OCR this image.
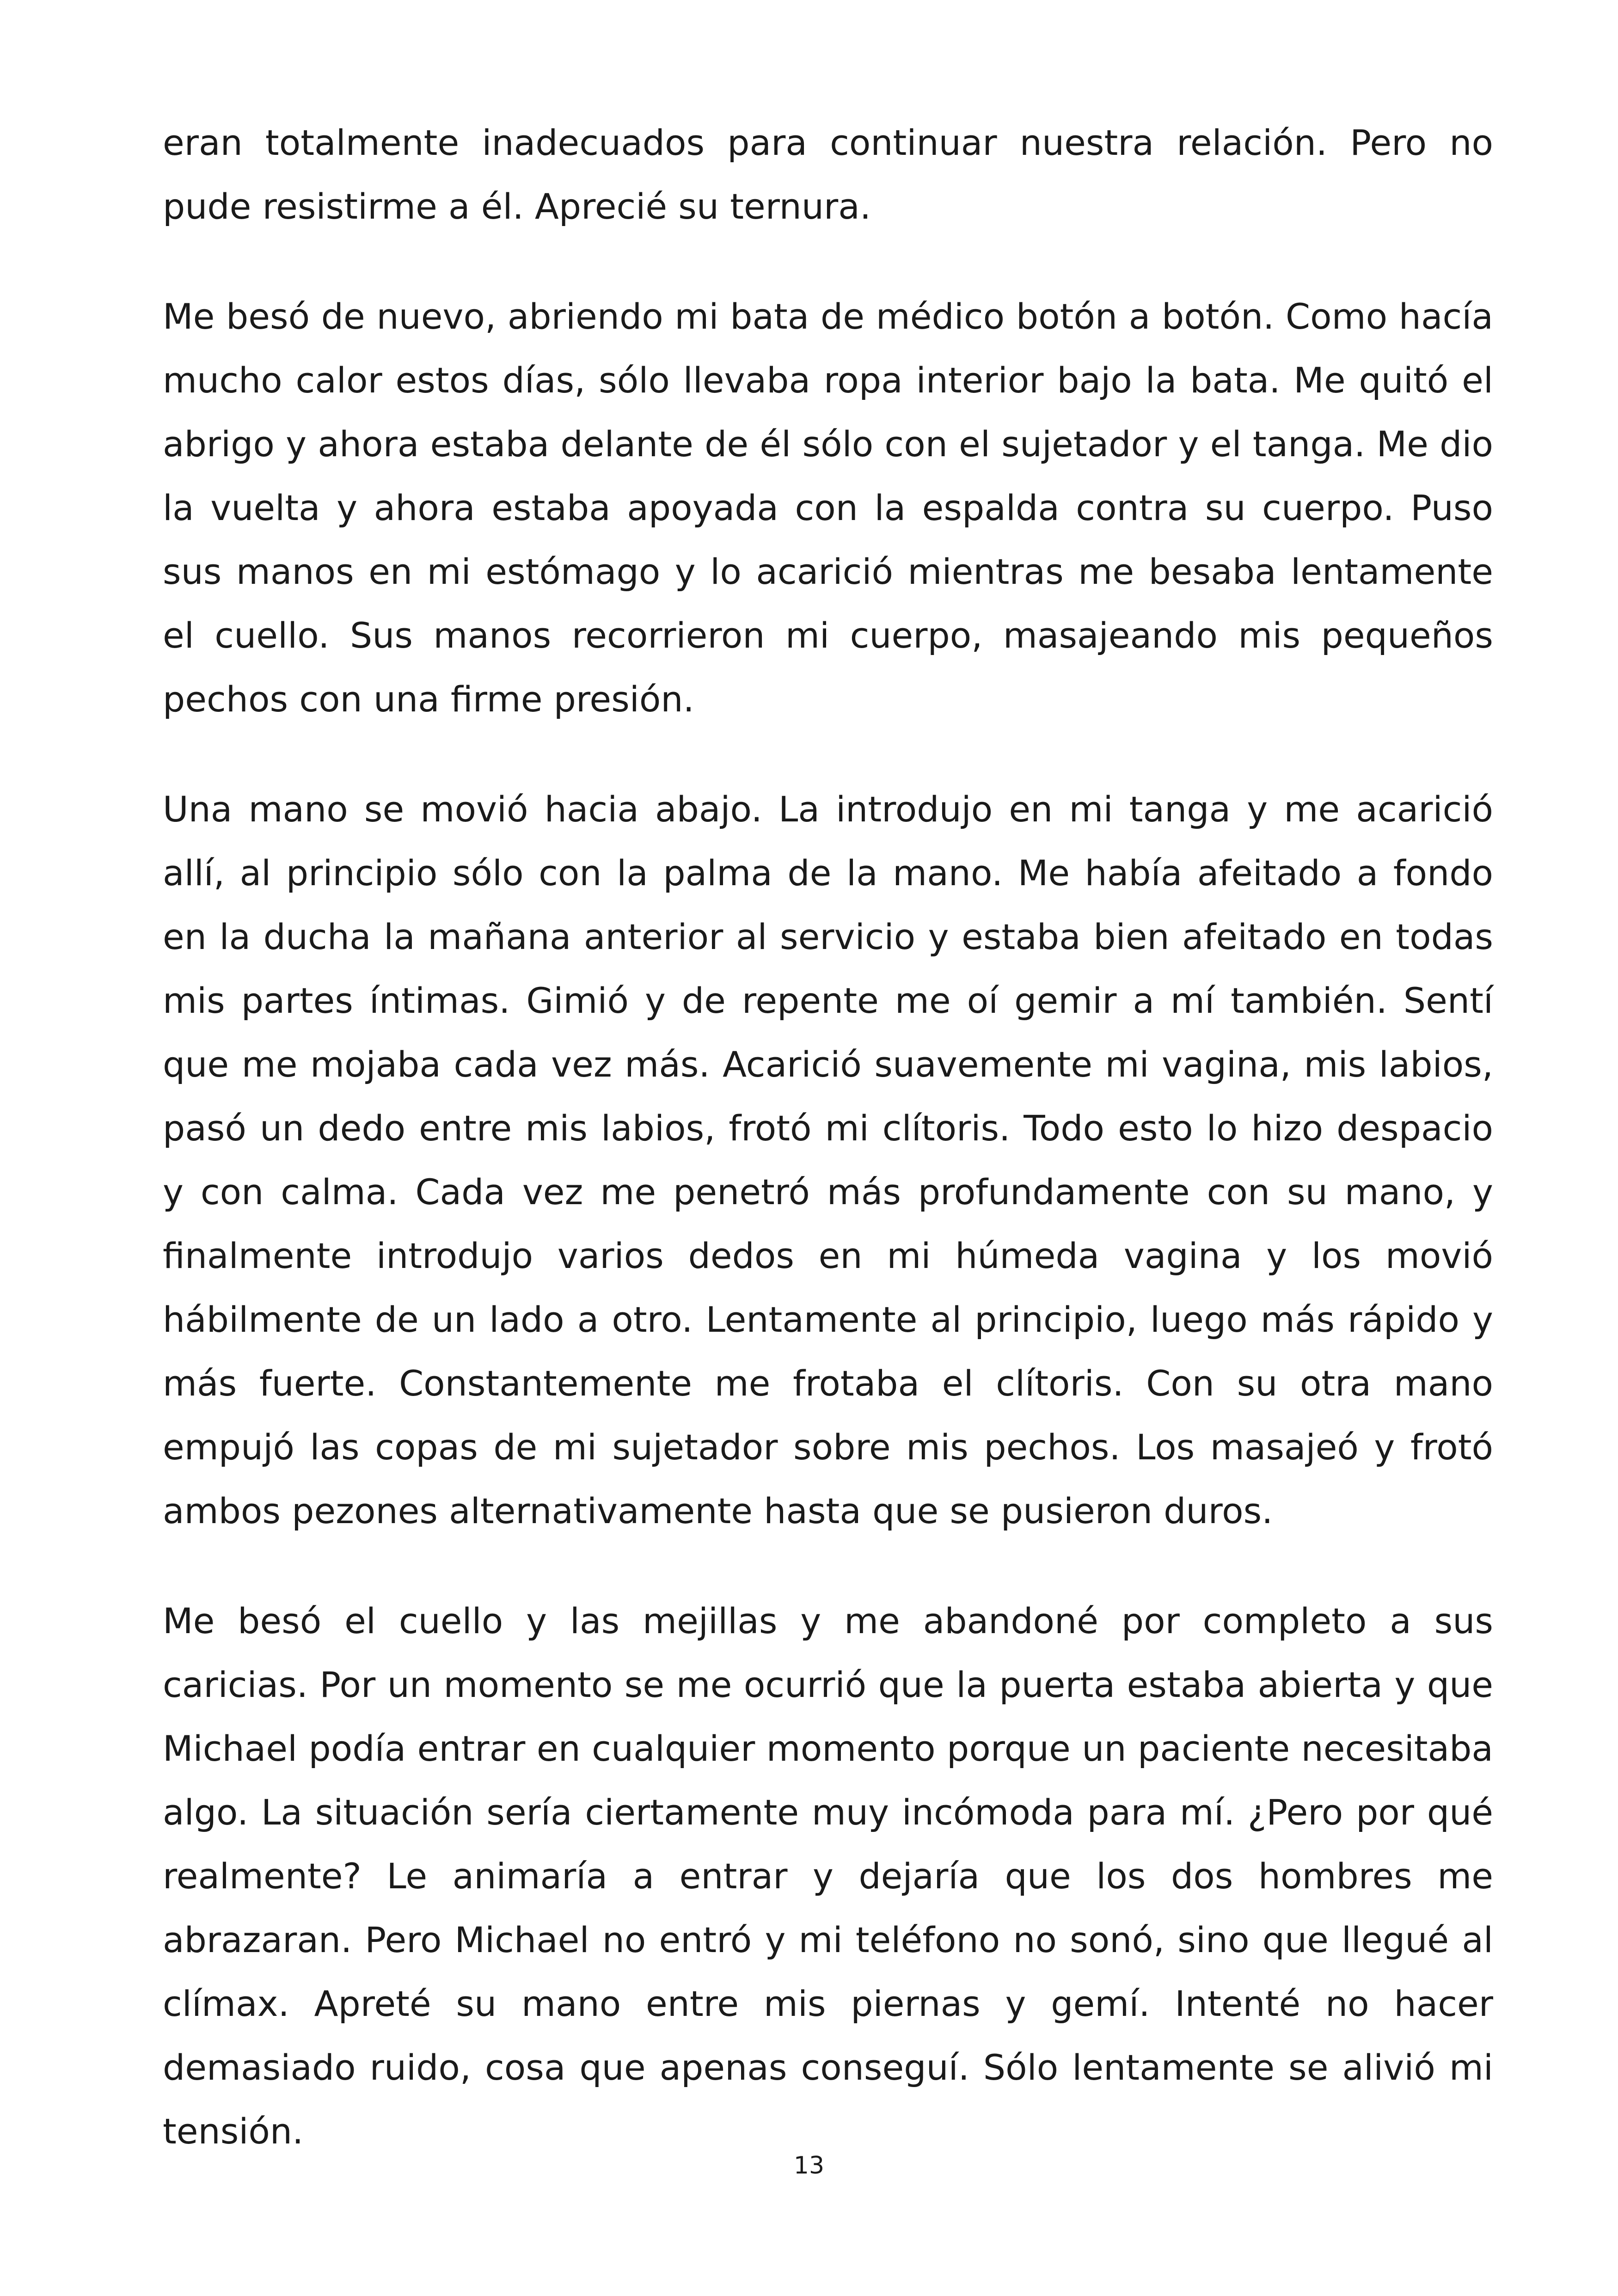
eran totalmente inadecuados para continuar nuestra relación. Pero no pude resistirme a él. Aprecié su ternura.

Me besó de nuevo, abriendo mi bata de médico botón a botón. Como hacía mucho calor estos días, sólo llevaba ropa interior bajo la bata. Me quitó el abrigo y ahora estaba delante de él sólo con el sujetador y el tanga. Me dio la vuelta y ahora estaba apoyada con la espalda contra su cuerpo. Puso sus manos en mi estómago y lo acarició mientras me besaba lentamente el cuello. Sus manos recorrieron mi cuerpo, masajeando mis pequeños pechos con una firme presión.

Una mano se movió hacia abajo. La introdujo en mi tanga y me acarició allí, al principio sólo con la palma de la mano. Me había afeitado a fondo en la ducha la mañana anterior al servicio y estaba bien afeitado en todas mis partes íntimas. Gimió y de repente me oí gemir a mí también. Sentí que me mojaba cada vez más. Acarició suavemente mi vagina, mis labios, pasó un dedo entre mis labios, frotó mi clítoris. Todo esto lo hizo despacio y con calma. Cada vez me penetró más profundamente con su mano, y finalmente introdujo varios dedos en mi húmeda vagina y los movió hábilmente de un lado a otro. Lentamente al principio, luego más rápido y más fuerte. Constantemente me frotaba el clítoris. Con su otra mano empujó las copas de mi sujetador sobre mis pechos. Los masajeó y frotó ambos pezones alternativamente hasta que se pusieron duros.

Me besó el cuello y las mejillas y me abandoné por completo a sus caricias. Por un momento se me ocurrió que la puerta estaba abierta y que Michael podía entrar en cualquier momento porque un paciente necesitaba algo. La situación sería ciertamente muy incómoda para mí. ¿Pero por qué realmente? Le animaría a entrar y dejaría que los dos hombres me abrazaran. Pero Michael no entró y mi teléfono no sonó, sino que llegué al clímax. Apreté su mano entre mis piernas y gemí. Intenté no hacer demasiado ruido, cosa que apenas conseguí. Sólo lentamente se alivió mi tensión.

13
